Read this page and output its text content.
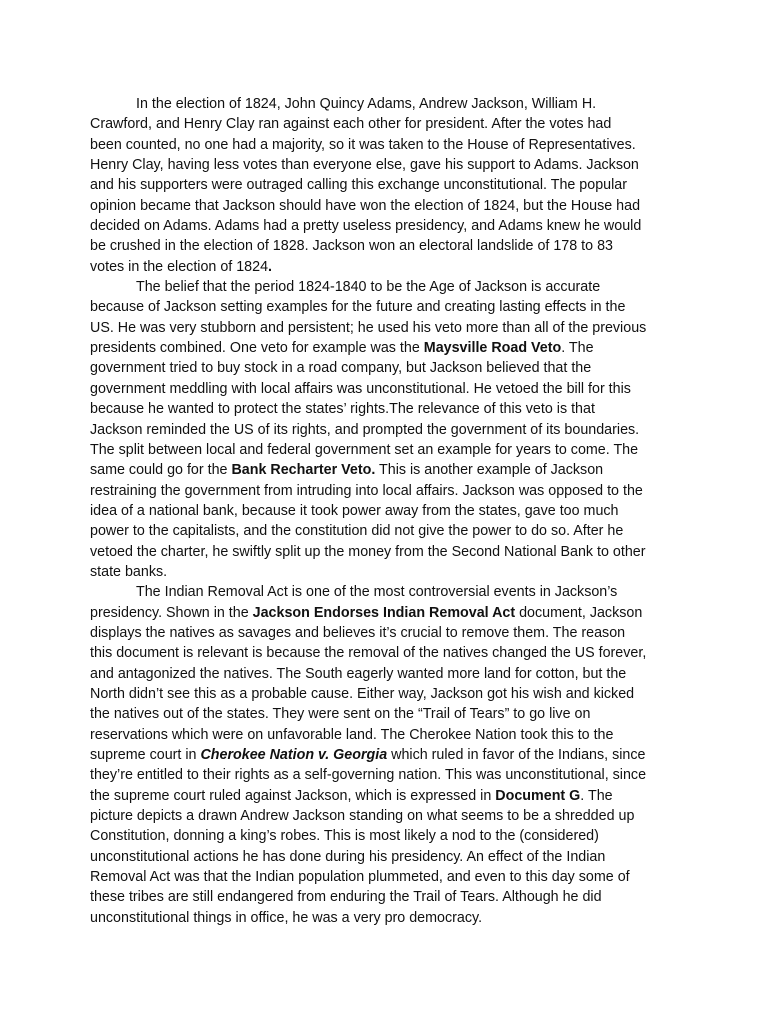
In the election of 1824, John Quincy Adams, Andrew Jackson, William H.
Crawford, and Henry Clay ran against each other for president. After the votes had
been counted, no one had a majority, so it was taken to the House of Representatives.
Henry Clay, having less votes than everyone else, gave his support to Adams. Jackson
and his supporters were outraged calling this exchange unconstitutional. The popular
opinion became that Jackson should have won the election of 1824, but the House had
decided on Adams. Adams had a pretty useless presidency, and Adams knew he would
be crushed in the election of 1828. Jackson won an electoral landslide of 178 to 83
votes in the election of 1824.

The belief that the period 1824-1840 to be the Age of Jackson is accurate
because of Jackson setting examples for the future and creating lasting effects in the
US. He was very stubborn and persistent; he used his veto more than all of the previous
presidents combined. One veto for example was the Maysville Road Veto. The
government tried to buy stock in a road company, but Jackson believed that the
government meddling with local affairs was unconstitutional. He vetoed the bill for this
because he wanted to protect the states’ rights.The relevance of this veto is that
Jackson reminded the US of its rights, and prompted the government of its boundaries.
The split between local and federal government set an example for years to come. The
same could go for the Bank Recharter Veto. This is another example of Jackson
restraining the government from intruding into local affairs. Jackson was opposed to the
idea of a national bank, because it took power away from the states, gave too much
power to the capitalists, and the constitution did not give the power to do so. After he
vetoed the charter, he swiftly split up the money from the Second National Bank to other
state banks.

The Indian Removal Act is one of the most controversial events in Jackson’s
presidency. Shown in the Jackson Endorses Indian Removal Act document, Jackson
displays the natives as savages and believes it’s crucial to remove them. The reason
this document is relevant is because the removal of the natives changed the US forever,
and antagonized the natives. The South eagerly wanted more land for cotton, but the
North didn’t see this as a probable cause. Either way, Jackson got his wish and kicked
the natives out of the states. They were sent on the “Trail of Tears” to go live on
reservations which were on unfavorable land. The Cherokee Nation took this to the
supreme court in Cherokee Nation v. Georgia which ruled in favor of the Indians, since
they’re entitled to their rights as a self-governing nation. This was unconstitutional, since
the supreme court ruled against Jackson, which is expressed in Document G. The
picture depicts a drawn Andrew Jackson standing on what seems to be a shredded up
Constitution, donning a king’s robes. This is most likely a nod to the (considered)
unconstitutional actions he has done during his presidency. An effect of the Indian
Removal Act was that the Indian population plummeted, and even to this day some of
these tribes are still endangered from enduring the Trail of Tears. Although he did
unconstitutional things in office, he was a very pro democracy.
